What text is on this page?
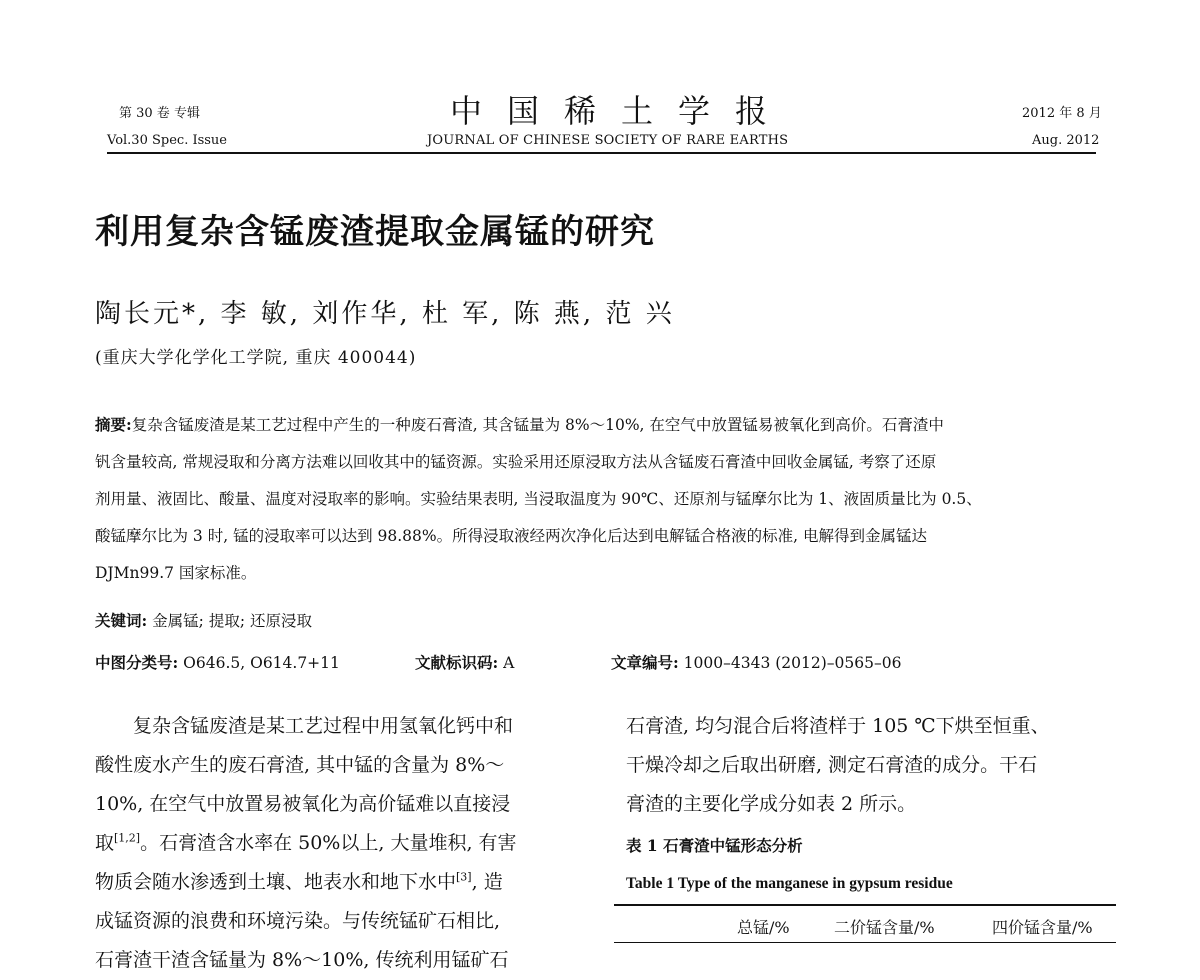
第 30 卷 专辑
Vol.30 Spec. Issue
中国稀土学报
JOURNAL OF CHINESE SOCIETY OF RARE EARTHS
2012 年 8 月
Aug. 2012
利用复杂含锰废渣提取金属锰的研究
陶长元*, 李 敏, 刘作华, 杜 军, 陈 燕, 范 兴
(重庆大学化学化工学院, 重庆 400044)
摘要:复杂含锰废渣是某工艺过程中产生的一种废石膏渣, 其含锰量为 8%～10%, 在空气中放置锰易被氧化到高价。石膏渣中
钒含量较高, 常规浸取和分离方法难以回收其中的锰资源。实验采用还原浸取方法从含锰废石膏渣中回收金属锰, 考察了还原
剂用量、液固比、酸量、温度对浸取率的影响。实验结果表明, 当浸取温度为 90℃、还原剂与锰摩尔比为 1、液固质量比为 0.5、
酸锰摩尔比为 3 时, 锰的浸取率可以达到 98.88%。所得浸取液经两次净化后达到电解锰合格液的标准, 电解得到金属锰达
DJMn99.7 国家标准。
关键词: 金属锰; 提取; 还原浸取
中图分类号: O646.5, O614.7+11	文献标识码: A	文章编号: 1000–4343 (2012)–0565–06

复杂含锰废渣是某工艺过程中用氢氧化钙中和

酸性废水产生的废石膏渣, 其中锰的含量为 8%～

10%, 在空气中放置易被氧化为高价锰难以直接浸

取[1,2]。石膏渣含水率在 50%以上, 大量堆积, 有害

物质会随水渗透到土壤、地表水和地下水中[3], 造

成锰资源的浪费和环境污染。与传统锰矿石相比,

石膏渣干渣含锰量为 8%～10%, 传统利用锰矿石

石膏渣, 均匀混合后将渣样于 105 ℃下烘至恒重、

干燥冷却之后取出研磨, 测定石膏渣的成分。干石

膏渣的主要化学成分如表 2 所示。

表 1 石膏渣中锰形态分析
Table 1 Type of the manganese in gypsum residue
总锰/%	二价锰含量/%	四价锰含量/%
